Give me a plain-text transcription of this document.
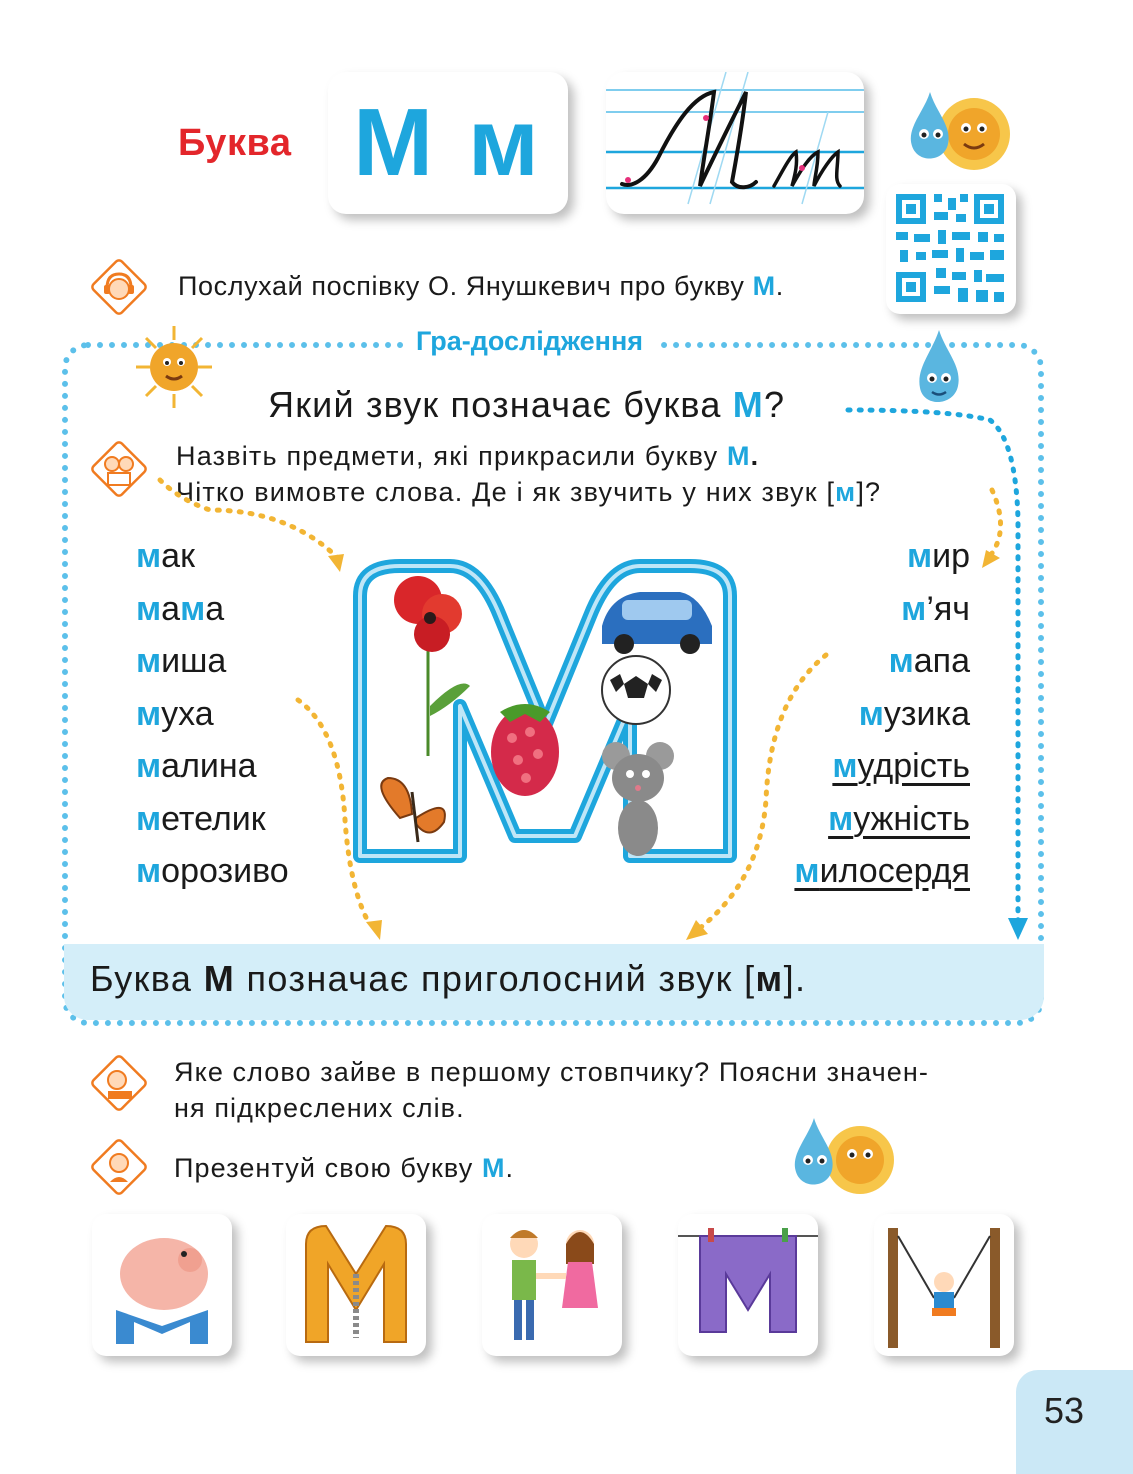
Буква М м
Послухай поспівку О. Янушкевич про букву М.
Гра-дослідження
Який звук позначає буква М?
Назвіть предмети, які прикрасили букву М.
Чітко вимовте слова. Де і як звучить у них звук [м]?
мак
мама
миша
муха
малина
метелик
морозиво
мир
м’яч
мапа
музика
мудрість
мужність
милосердя
Буква М позначає приголосний звук [м].
Яке слово зайве в першому стовпчику? Поясни значен-
ня підкреслених слів.
Презентуй свою букву М.
53
